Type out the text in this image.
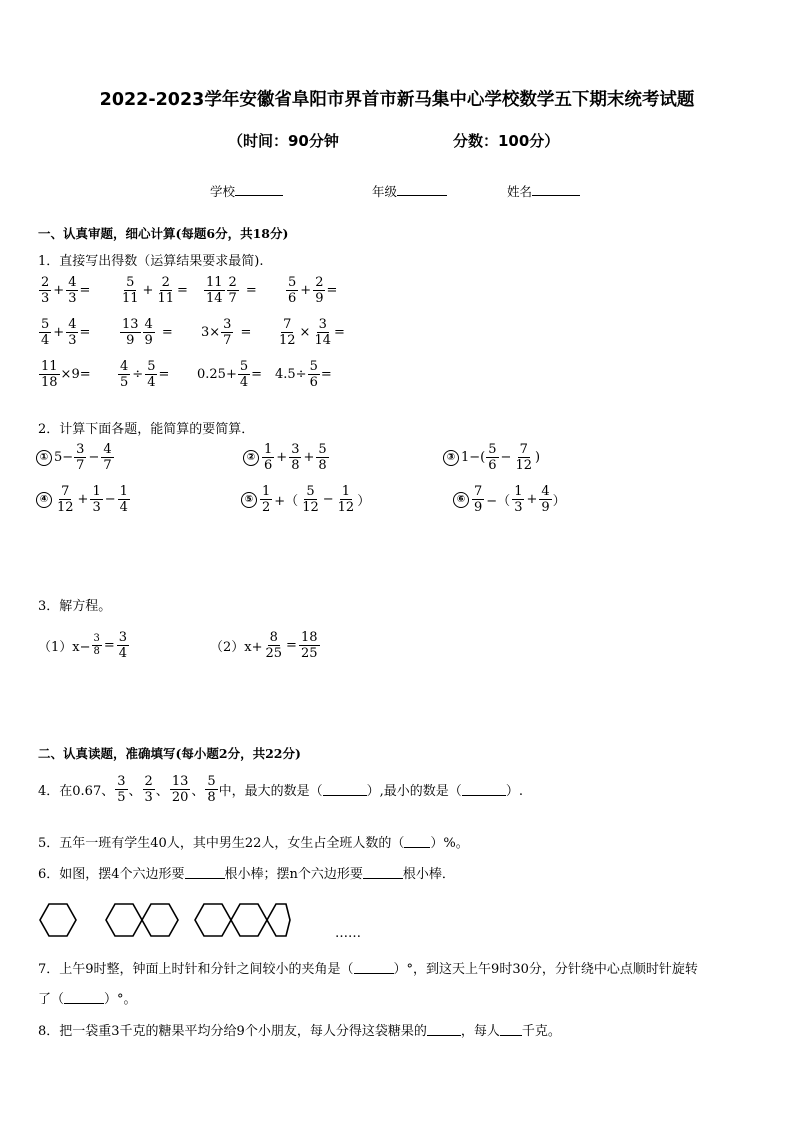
2022-2023学年安徽省阜阳市界首市新马集中心学校数学五下期末统考试题
（时间：90分钟	分数：100分）
学校	年级	姓名
一、认真审题，细心计算(每题6分，共18分)
1．直接写出得数（运算结果要求最简).
$\frac{2}{3} + \frac{4}{3} = \frac{5}{11} + \frac{2}{11} = \frac{11}{14} \frac{2}{7} = \frac{5}{6} + \frac{2}{9}$ =
$\frac{5}{4} + \frac{4}{3} = \frac{13}{9} \frac{4}{9} = 3\times \frac{3}{7} = \frac{7}{12} \times \frac{3}{14}$ =
$\frac{11}{18} \times 9= \frac{4}{5} \div \frac{5}{4} = 0.25+ \frac{5}{4} = 4.5\div \frac{5}{6}$ =
2．计算下面各题，能简算的要简算．
① $5- \frac{3}{7} - \frac{4}{7}$	② $\frac{1}{6} + \frac{3}{8} + \frac{5}{8}$	③ $1-( \frac{5}{6} - \frac{7}{12}$ )
④ $\frac{7}{12} + \frac{1}{3} - \frac{1}{4}$	⑤ $\frac{1}{2}$ +（ $\frac{5}{12} - \frac{1}{12}$ ）	⑥ $\frac{7}{9}$ −（ $\frac{1}{3} + \frac{4}{9}$ ）
3．解方程。
$(1)x- \frac{3}{8} = \frac{3}{4}$	$(2)x+ \frac{8}{25} = \frac{18}{25}$
二、认真读题，准确填写(每小题2分，共22分)
4．在0.67、 $\frac{3}{5}$ 、 $\frac{2}{3}$ 、 $\frac{13}{20}$ 、 $\frac{5}{8}$ 中，最大的数是（	）,最小的数是（	）.
5．五年一班有学生40人，其中男生22人，女生占全班人数的（ ）%。
6．如图，摆4个六边形要	根小棒；摆n个六边形要	根小棒．
……
7．上午9时整，钟面上时针和分针之间较小的夹角是（	）°，到这天上午9时30分，分针绕中心点顺时针旋转
了（	）°。
8．把一袋重3千克的糖果平均分给9个小朋友，每人分得这袋糖果的	，每人 千克。
